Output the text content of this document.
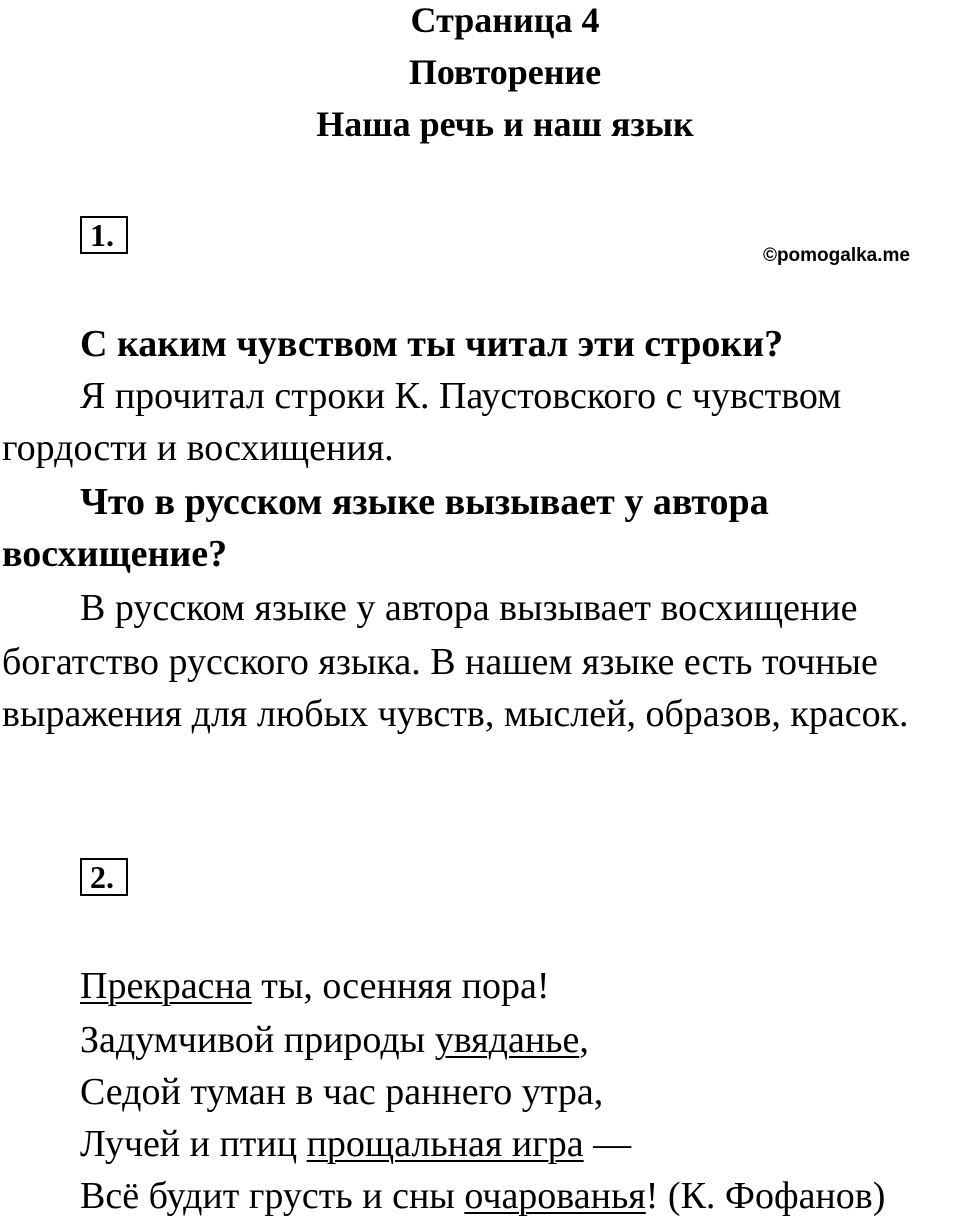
Страница 4
Повторение
Наша речь и наш язык
1.
©pomogalka.me
С каким чувством ты читал эти строки?
Я прочитал строки К. Паустовского с чувством
гордости и восхищения.
Что в русском языке вызывает у автора
восхищение?
В русском языке у автора вызывает восхищение
богатство русского языка. В нашем языке есть точные
выражения для любых чувств, мыслей, образов, красок.
2.
Прекрасна ты, осенняя пора!
Задумчивой природы увяданье,
Седой туман в час раннего утра,
Лучей и птиц прощальная игра —
Всё будит грусть и сны очарованья! (К. Фофанов)
